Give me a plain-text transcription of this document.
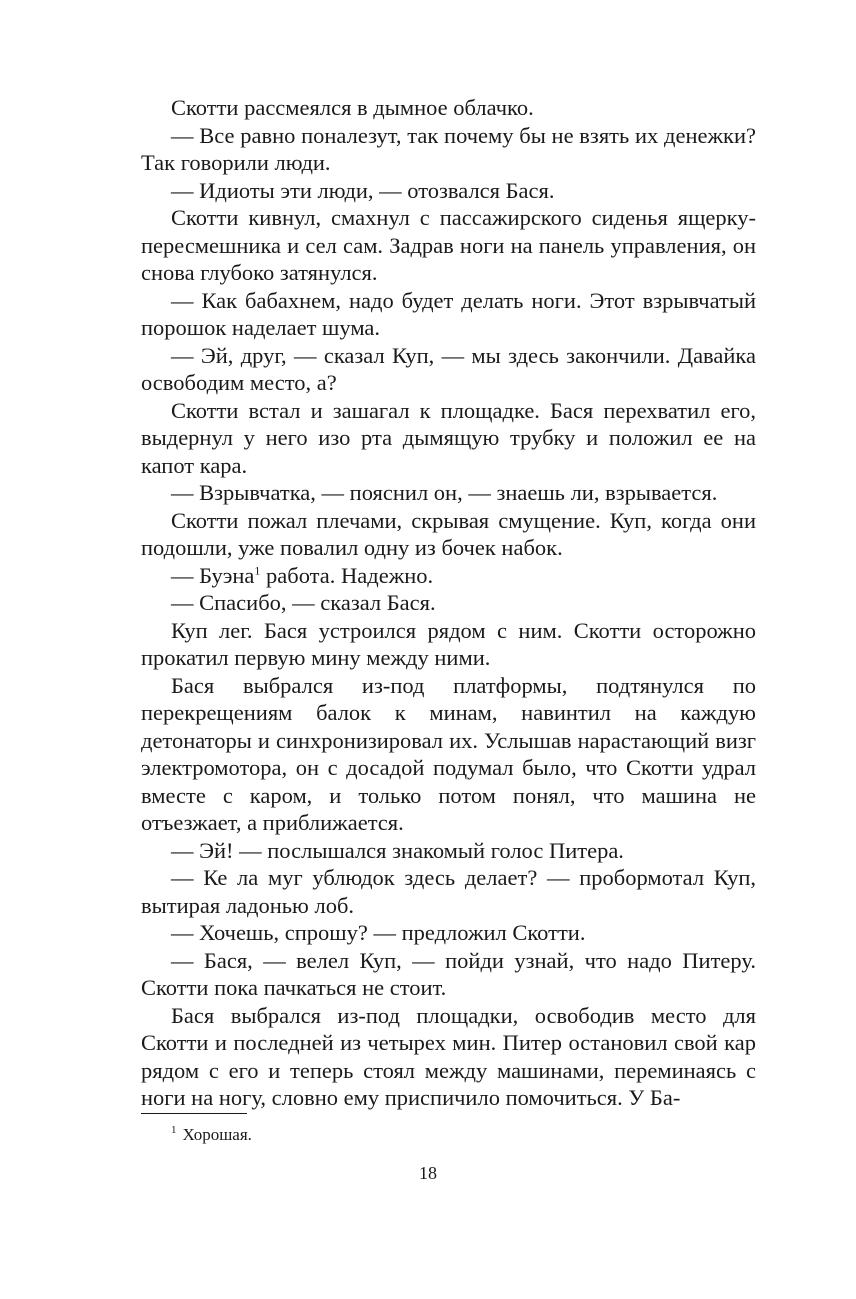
Скотти рассмеялся в дымное облачко.

— Все равно поналезут, так почему бы не взять их денежки? Так говорили люди.

— Идиоты эти люди, — отозвался Бася.

Скотти кивнул, смахнул с пассажирского сиденья ящерку-пересмешника и сел сам. Задрав ноги на панель управления, он снова глубоко затянулся.

— Как бабахнем, надо будет делать ноги. Этот взрывчатый порошок наделает шума.

— Эй, друг, — сказал Куп, — мы здесь закончили. Давайка освободим место, а?

Скотти встал и зашагал к площадке. Бася перехватил его, выдернул у него изо рта дымящую трубку и положил ее на капот кара.

— Взрывчатка, — пояснил он, — знаешь ли, взрывается.

Скотти пожал плечами, скрывая смущение. Куп, когда они подошли, уже повалил одну из бочек набок.

— Буэна$^1$ работа. Надежно.

— Спасибо, — сказал Бася.

Куп лег. Бася устроился рядом с ним. Скотти осторожно прокатил первую мину между ними.

Бася выбрался из-под платформы, подтянулся по перекрещениям балок к минам, навинтил на каждую детонаторы и синхронизировал их. Услышав нарастающий визг электромотора, он с досадой подумал было, что Скотти удрал вместе с каром, и только потом понял, что машина не отъезжает, а приближается.

— Эй! — послышался знакомый голос Питера.

— Ке ла муг ублюдок здесь делает? — пробормотал Куп, вытирая ладонью лоб.

— Хочешь, спрошу? — предложил Скотти.

— Бася, — велел Куп, — пойди узнай, что надо Питеру. Скотти пока пачкаться не стоит.

Бася выбрался из-под площадки, освободив место для Скотти и последней из четырех мин. Питер остановил свой кар рядом с его и теперь стоял между машинами, переминаясь с ноги на ногу, словно ему приспичило помочиться. У Ба-

$^1$ Хорошая.

18
